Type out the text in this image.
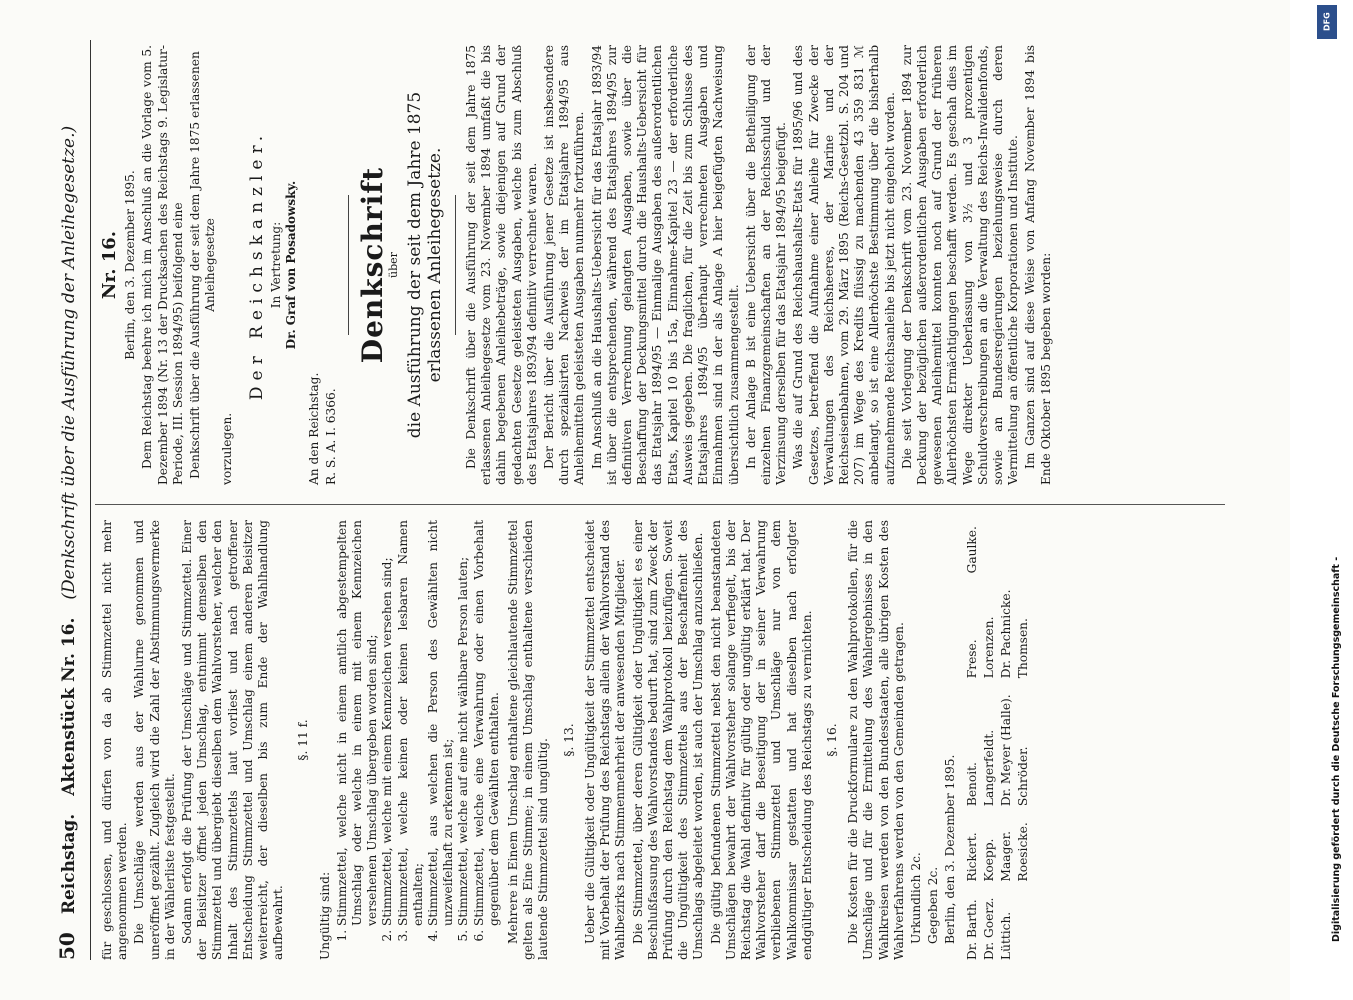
50
Reichstag.
Aktenstück Nr. 16.
(Denkschrift über die Ausführung der Anleihegesetze.)

für geschlossen, und dürfen von da ab Stimmzettel nicht mehr angenommen werden. Die Umschläge werden aus der Wahlurne genommen und uneröffnet gezählt. Zugleich wird die Zahl der Abstimmungsvermerke in der Wählerliste festgestellt. Sodann erfolgt die Prüfung der Umschläge und Stimmzettel. Einer der Beisitzer öffnet jeden Umschlag, entnimmt demselben den Stimmzettel und übergiebt dieselben dem Wahlvorsteher, welcher den Inhalt des Stimmzettels laut vorliest und nach getroffener Entscheidung Stimmzettel und Umschlag einem anderen Beisitzer weiterreicht, der dieselben bis zum Ende der Wahlhandlung aufbewahrt.

§. 11 f.

Ungültig sind: 1. Stimmzettel, welche nicht in einem amtlich abgestempelten Umschlag oder welche in einem mit einem Kennzeichen versehenen Umschlag übergeben worden sind; 2. Stimmzettel, welche mit einem Kennzeichen versehen sind; 3. Stimmzettel, welche keinen oder keinen lesbaren Namen enthalten; 4. Stimmzettel, aus welchen die Person des Gewählten nicht unzweifelhaft zu erkennen ist; 5. Stimmzettel, welche auf eine nicht wählbare Person lauten; 6. Stimmzettel, welche eine Verwahrung oder einen Vorbehalt gegenüber dem Gewählten enthalten. Mehrere in Einem Umschlag enthaltene gleichlautende Stimmzettel gelten als Eine Stimme; in einem Umschlag enthaltene verschieden lautende Stimmzettel sind ungültig. §. 13. Ueber die Gültigkeit oder Ungültigkeit der Stimmzettel entscheidet mit Vorbehalt der Prüfung des Reichstags allein der Wahlvorstand des Wahlbezirks nach Stimmenmehrheit der anwesenden Mitglieder. Die Stimmzettel, über deren Gültigkeit oder Ungültigkeit es einer Beschlußfassung des Wahlvorstandes bedurft hat, sind zum Zweck der Prüfung durch den Reichstag dem Wahlprotokoll beizufügen. Soweit die Ungültigkeit des Stimmzettels aus der Beschaffenheit des Umschlags abgeleitet worden, ist auch der Umschlag anzuschließen. Die gültig befundenen Stimmzettel nebst den nicht beanstandeten Umschlägen bewahrt der Wahlvorsteher solange verfiegelt, bis der Reichstag die Wahl definitiv für gültig oder ungültig erklärt hat. Der Wahlvorsteher darf die Beseitigung der in seiner Verwahrung verbliebenen Stimmzettel und Umschläge nur von dem Wahlkommissar gestatten und hat dieselben nach erfolgter endgültiger Entscheidung des Reichstags zu vernichten. §. 16. Die Kosten für die Druckformulare zu den Wahlprotokollen, für die Umschläge und für die Ermittelung des Wahlergebnisses in den Wahlkreisen werden von den Bundesstaaten, alle übrigen Kosten des Wahlverfahrens werden von den Gemeinden getragen. Urkundlich 2c. Gegeben 2c. Berlin, den 3. Dezember 1895. Dr. Barth.
Rickert.
Benoit.
Frese.
Gaulke.
Dr. Goerz.
Koepp.
Langerfeldt.
Lorenzen.
Lüttich.
Maager.
Dr. Meyer (Halle).
Dr. Pachnicke.
Roesicke.
Schröder.
Thomsen.
Nr. 16. Berlin, den 3. Dezember 1895. Dem Reichstag beehre ich mich im Anschluß an die Vorlage vom 5. Dezember 1894 (Nr. 13 der Drucksachen des Reichstags 9. Legislatur-Periode, III. Session 1894/95) beifolgend eine Denkschrift über die Ausführung der seit dem Jahre 1875 erlassenen Anleihegesetze

vorzulegen.

Der Reichskanzler. In Vertretung: Dr. Graf von Posadowsky.

An den Reichstag. R. S. A. I. 6366.

Denkschrift
über die Ausführung der seit dem Jahre 1875 erlassenen Anleihegesetze. Die Denkschrift über die Ausführung der seit dem Jahre 1875 erlassenen Anleihegesetze vom 23. November 1894 umfaßt die bis dahin begebenen Anleihebeträge, sowie diejenigen auf Grund der gedachten Gesetze geleisteten Ausgaben, welche bis zum Abschluß des Etatsjahres 1893/94 definitiv verrechnet waren. Der Bericht über die Ausführung jener Gesetze ist insbesondere durch spezialisirten Nachweis der im Etatsjahre 1894/95 aus Anleihemitteln geleisteten Ausgaben nunmehr fortzuführen. Im Anschluß an die Haushalts-Uebersicht für das Etatsjahr 1893/94 ist über die entsprechenden, während des Etatsjahres 1894/95 zur definitiven Verrechnung gelangten Ausgaben, sowie über die Beschaffung der Deckungsmittel durch die Haushalts-Uebersicht für das Etatsjahr 1894/95 — Einmalige Ausgaben des außerordentlichen Etats, Kapitel 10 bis 15a, Einnahme-Kapitel 23 — der erforderliche Ausweis gegeben. Die fraglichen, für die Zeit bis zum Schlusse des Etatsjahres 1894/95 überhaupt verrechneten Ausgaben und Einnahmen sind in der als Anlage A hier beigefügten Nachweisung übersichtlich zusammengestellt. In der Anlage B ist eine Uebersicht über die Betheiligung der einzelnen Finanzgemeinschaften an der Reichsschuld und der Verzinsung derselben für das Etatsjahr 1894/95 beigefügt. Was die auf Grund des Reichshaushalts-Etats für 1895/96 und des Gesetzes, betreffend die Aufnahme einer Anleihe für Zwecke der Verwaltungen des Reichsheeres, der Marine und der Reichseisenbahnen, vom 29. März 1895 (Reichs-Gesetzbl. S. 204 und 207) im Wege des Kredits flüssig zu machenden 43 359 831 ℳ anbelangt, so ist eine Allerhöchste Bestimmung über die bisherhalb aufzunehmende Reichsanleihe bis jetzt nicht eingeholt worden. Die seit Vorlegung der Denkschrift vom 23. November 1894 zur Deckung der bezüglichen außerordentlichen Ausgaben erforderlich gewesenen Anleihemittel konnten noch auf Grund der früheren Allerhöchsten Ermächtigungen beschafft werden. Es geschah dies im Wege direkter Ueberlassung von 3½ und 3 prozentigen Schuldverschreibungen an die Verwaltung des Reichs-Invalidenfonds, sowie an Bundesregierungen beziehungsweise durch deren Vermittelung an öffentliche Korporationen und Institute. Im Ganzen sind auf diese Weise von Anfang November 1894 bis Ende Oktober 1895 begeben worden:

DFG
Digitalisierung gefördert durch die Deutsche Forschungsgemeinschaft -
